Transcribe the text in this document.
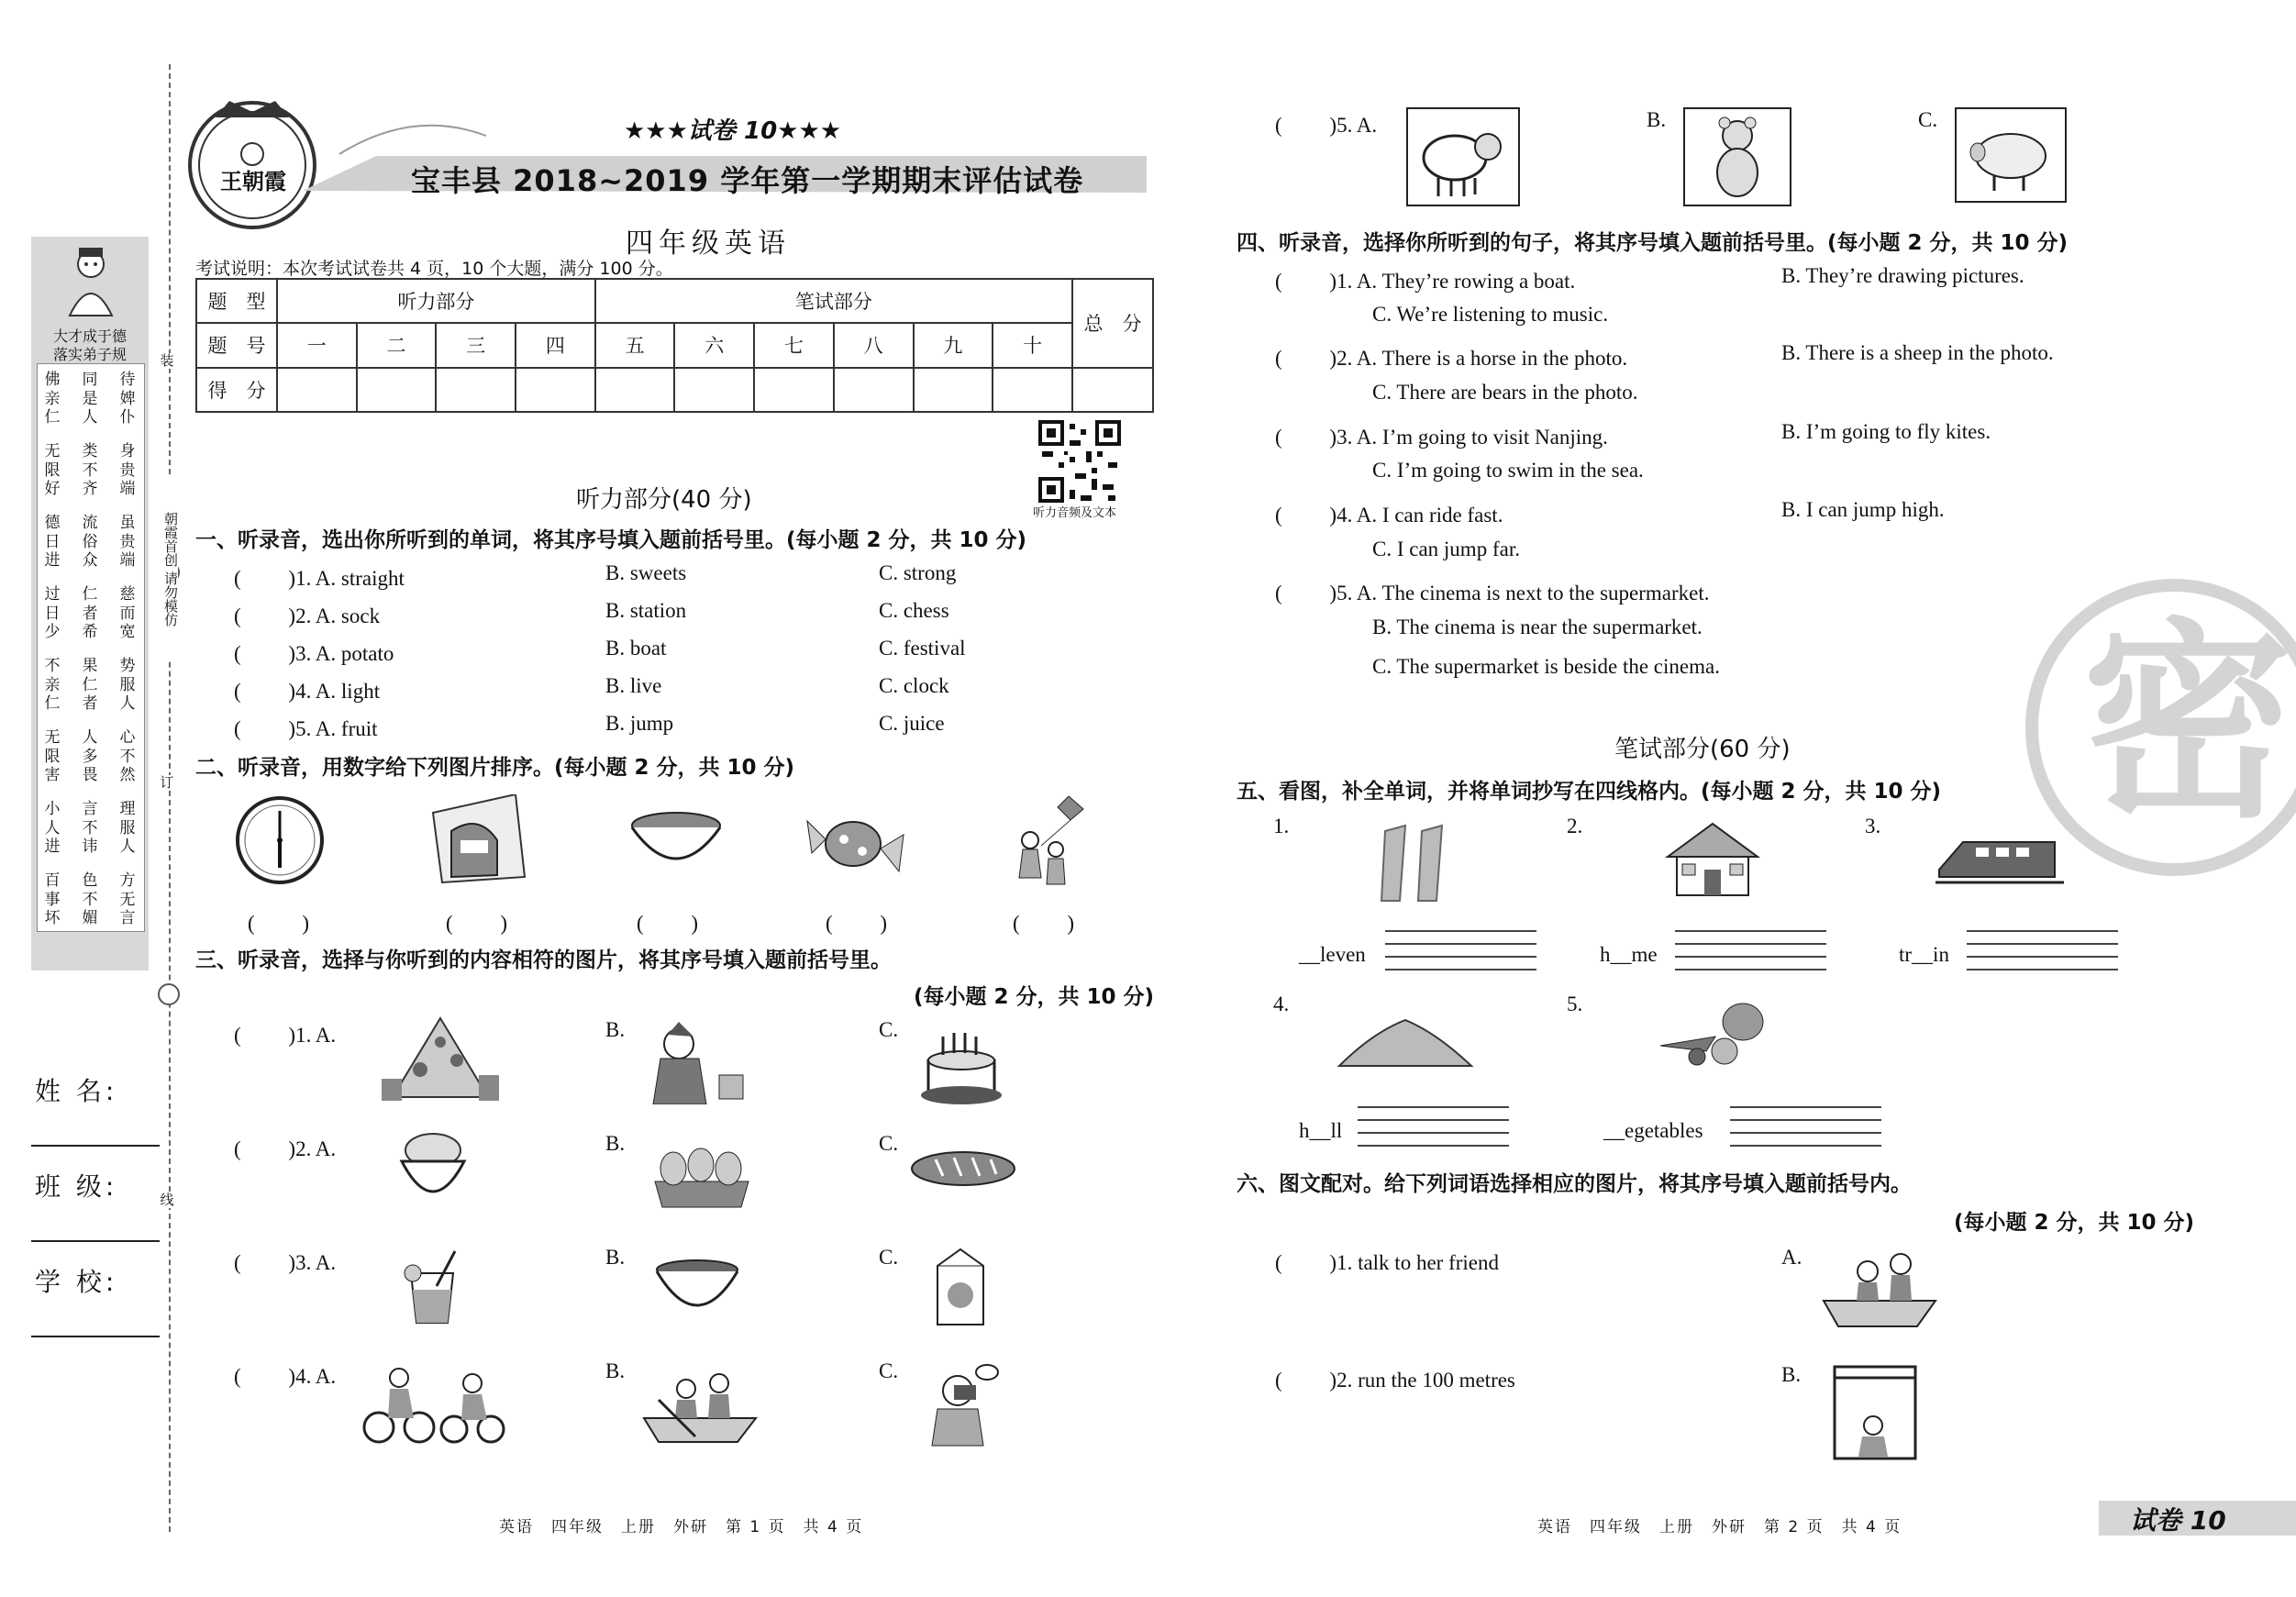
大才成于德
落实弟子规
待婢仆
身贵端
虽贵端
慈而宽
势服人
心不然
理服人
方无言
同是人
类不齐
流俗众
仁者希
果仁者
人多畏
言不讳
色不媚
佛亲仁
无限好
德日进
过日少
不亲仁
无限害
小人进
百事坏
姓 名:
班 级:
学 校:
装
朝霞首创 请勿模仿
订
线
王朝霞
★★★试卷 10★★★
宝丰县 2018~2019 学年第一学期期末评估试卷
四年级英语
考试说明：本次考试试卷共 4 页，10 个大题，满分 100 分。
题　型	听力部分				笔试部分						总　分
题　号	一	二	三	四	五	六	七	八	九	十	
得　分											
听力音频及文本
听力部分(40 分)
一、听录音，选出你所听到的单词，将其序号填入题前括号里。(每小题 2 分，共 10 分)
( 　　)1. A. straight	B. sweets	C. strong
( 　　)2. A. sock	B. station	C. chess
( 　　)3. A. potato	B. boat	C. festival
( 　　)4. A. light	B. live	C. clock
( 　　)5. A. fruit	B. jump	C. juice
二、听录音，用数字给下列图片排序。(每小题 2 分，共 10 分)
( 　　)	( 　　)	( 　　)	( 　　)	( 　　)
三、听录音，选择与你听到的内容相符的图片，将其序号填入题前括号里。
(每小题 2 分，共 10 分)
( 　　)1. A.	B.	C.
( 　　)2. A.	B.	C.
( 　　)3. A.	B.	C.
( 　　)4. A.	B.	C.
( 　　)5. A.	B.	C.
四、听录音，选择你所听到的句子，将其序号填入题前括号里。(每小题 2 分，共 10 分)
( 　　)1. A. They’re rowing a boat.	B. They’re drawing pictures.
C. We’re listening to music.
( 　　)2. A. There is a horse in the photo.	B. There is a sheep in the photo.
C. There are bears in the photo.
( 　　)3. A. I’m going to visit Nanjing.	B. I’m going to fly kites.
C. I’m going to swim in the sea.
( 　　)4. A. I can ride fast.	B. I can jump high.
C. I can jump far.
( 　　)5. A. The cinema is next to the supermarket.
B. The cinema is near the supermarket.
C. The supermarket is beside the cinema. 密
笔试部分(60 分)
五、看图，补全单词，并将单词抄写在四线格内。(每小题 2 分，共 10 分)
1.
__leven
2.
h__me
3.
tr__in
4.
h__ll
5.
__egetables
六、图文配对。给下列词语选择相应的图片，将其序号填入题前括号内。
(每小题 2 分，共 10 分)
( 　　)1. talk to her friend	A.
( 　　)2. run the 100 metres	B.
英语　四年级　上册　外研　第 1 页　共 4 页	英语　四年级　上册　外研　第 2 页　共 4 页	试卷 10
